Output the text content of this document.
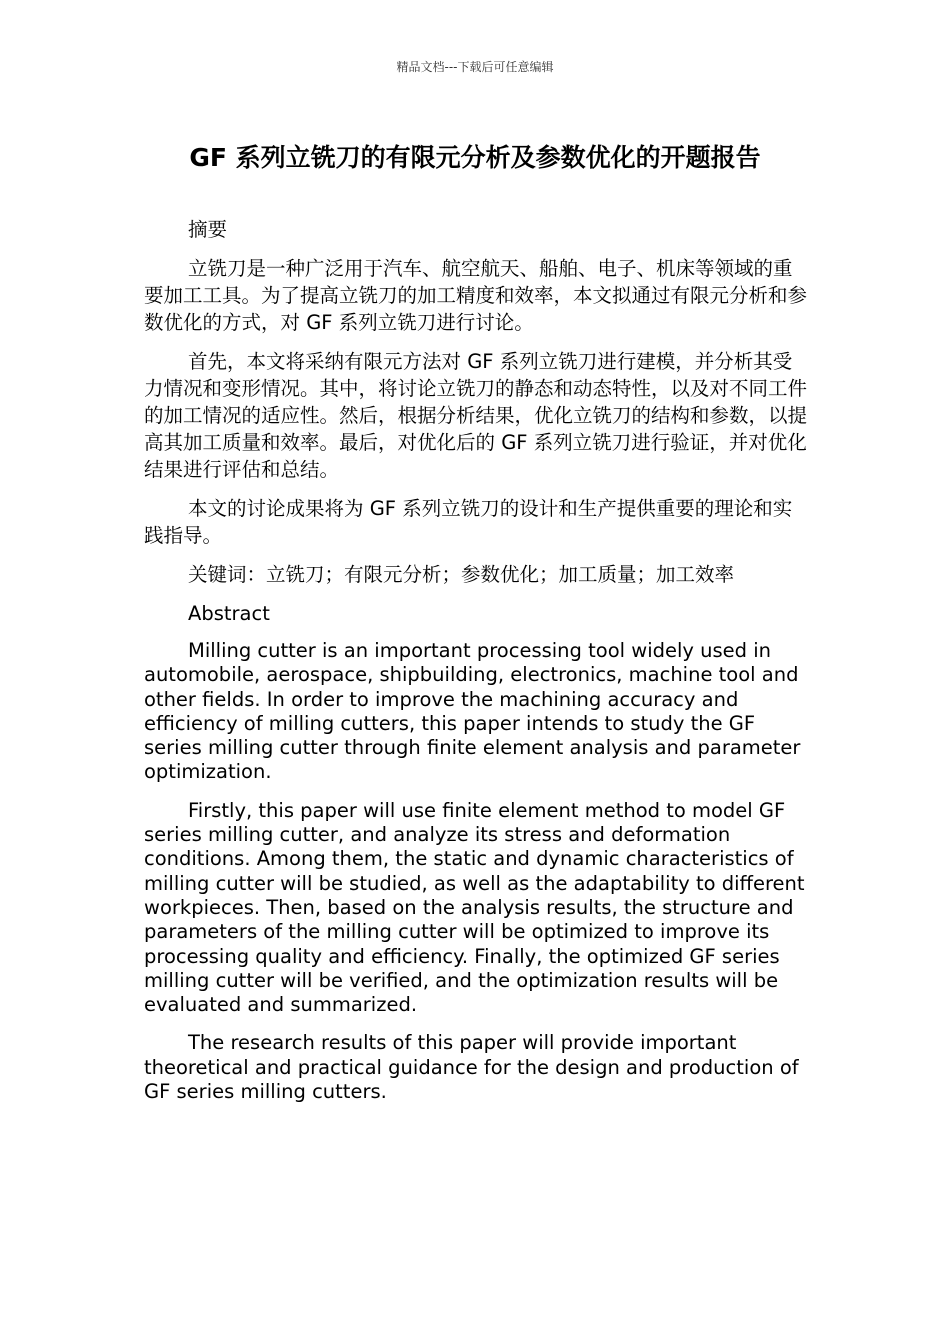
精品文档---下载后可任意编辑
GF 系列立铣刀的有限元分析及参数优化的开题报告

摘要

立铣刀是一种广泛用于汽车、航空航天、船舶、电子、机床等领域的重要加工工具。为了提高立铣刀的加工精度和效率，本文拟通过有限元分析和参数优化的方式，对 GF 系列立铣刀进行讨论。

首先，本文将采纳有限元方法对 GF 系列立铣刀进行建模，并分析其受力情况和变形情况。其中，将讨论立铣刀的静态和动态特性，以及对不同工件的加工情况的适应性。然后，根据分析结果，优化立铣刀的结构和参数，以提高其加工质量和效率。最后，对优化后的 GF 系列立铣刀进行验证，并对优化结果进行评估和总结。

本文的讨论成果将为 GF 系列立铣刀的设计和生产提供重要的理论和实践指导。

关键词：立铣刀；有限元分析；参数优化；加工质量；加工效率

Abstract

Milling cutter is an important processing tool widely used in automobile, aerospace, shipbuilding, electronics, machine tool and other fields. In order to improve the machining accuracy and efficiency of milling cutters, this paper intends to study the GF series milling cutter through finite element analysis and parameter optimization.

Firstly, this paper will use finite element method to model GF series milling cutter, and analyze its stress and deformation conditions. Among them, the static and dynamic characteristics of milling cutter will be studied, as well as the adaptability to different workpieces. Then, based on the analysis results, the structure and parameters of the milling cutter will be optimized to improve its processing quality and efficiency. Finally, the optimized GF series milling cutter will be verified, and the optimization results will be evaluated and summarized.

The research results of this paper will provide important theoretical and practical guidance for the design and production of GF series milling cutters.
